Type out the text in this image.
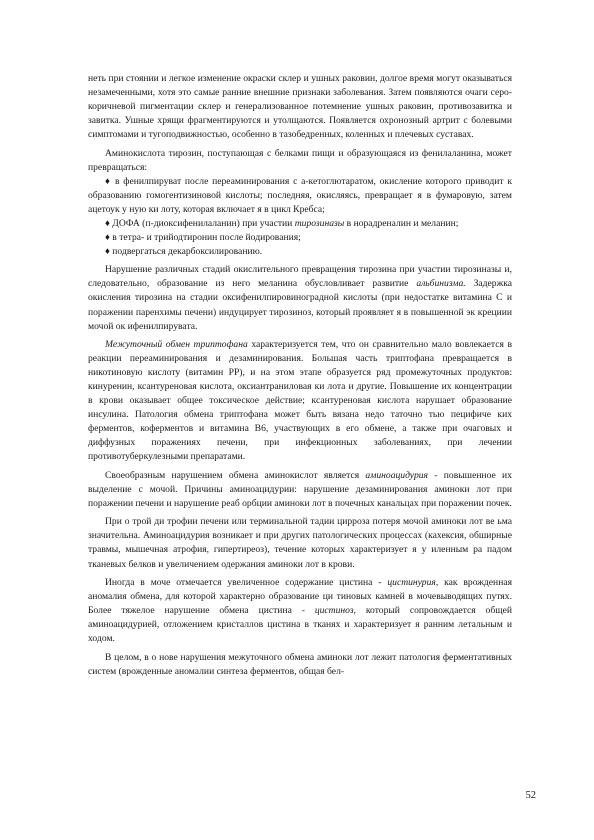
неть при стоянии и легкое изменение окраски склер и ушных раковин, долгое время могут оказываться незамеченными, хотя это самые ранние внешние признаки заболевания. Затем появляются очаги серо-коричневой пигментации склер и генерализованное потемнение ушных раковин, противозавитка и завитка. Ушные хрящи фрагментируются и утолщаются. Появляется охронозный артрит с болевыми симптомами и тугоподвижностью, особенно в тазобедренных, коленных и плечевых суставах.

Аминокислота тирозин, поступающая с белками пищи и образующаяся из фенилаланина, может превращаться:

♦ в фенилпируват после переаминирования с а-кетоглютаратом, окисление которого приводит к образованию гомогентизиновой кислоты; последняя, окисляясь, превращает я в фумаровую, затем ацетоук у ную ки лоту, которая включает я в цикл Кребса;

♦ ДОФА (п-диоксифенилаланин) при участии тирозиназы в норадреналин и меланин;

♦ в тетра- и трийодтиронин после йодирования;

♦ подвергаться декарбоксилированию.

Нарушение различных стадий окислительного превращения тирозина при участии тирозиназы и, следовательно, образование из него меланина обусловливает развитие альбинизма. Задержка окисления тирозина на стадии оксифенилпировиноградной кислоты (при недостатке витамина С и поражении паренхимы печени) индуцирует тирозиноз, который проявляет я в повышенной эк крециии мочой ок ифенилпирувата.

Межуточный обмен триптофана характеризуется тем, что он сравнительно мало вовлекается в реакции переаминирования и дезаминирования. Большая часть триптофана превращается в никотиновую кислоту (витамин РР), и на этом этапе образуется ряд промежуточных продуктов: кинуренин, ксантуреновая кислота, оксиантраниловая ки лота и другие. Повышение их концентрации в крови оказывает общее токсическое действие; ксантуреновая кислота нарушает образование инсулина. Патология обмена триптофана может быть вязана недо таточно тью пецифиче ких ферментов, коферментов и витамина В6, участвующих в его обмене, а также при очаговых и диффузных поражениях печени, при инфекционных заболеваниях, при лечении противотуберкулезными препаратами.

Своеобразным нарушением обмена аминокислот является аминоацидурия - повышенное их выделение с мочой. Причины аминоацидурии: нарушение дезаминирования аминоки лот при поражении печени и нарушение реаб орбции аминоки лот в почечных канальцах при поражении почек.

При о трой ди трофии печени или терминальной тадии цирроза потеря мочой аминоки лот ве ьма значительна. Аминоацидурия возникает и при других патологических процессах (кахексия, обширные травмы, мышечная атрофия, гипертиреоз), течение которых характеризует я у иленным ра падом тканевых белков и увеличением одержания аминоки лот в крови.

Иногда в моче отмечается увеличенное содержание цистина - цистинурия, как врожденная аномалия обмена, для которой характерно образование ци тиновых камней в мочевыводящих путях. Более тяжелое нарушение обмена цистина - цистиноз, который сопровождается общей аминоацидурией, отложением кристаллов цистина в тканях и характеризует я ранним летальным и ходом.

В целом, в о нове нарушения межуточного обмена аминоки лот лежит патология ферментативных систем (врожденные аномалии синтеза ферментов, общая бел-

52
